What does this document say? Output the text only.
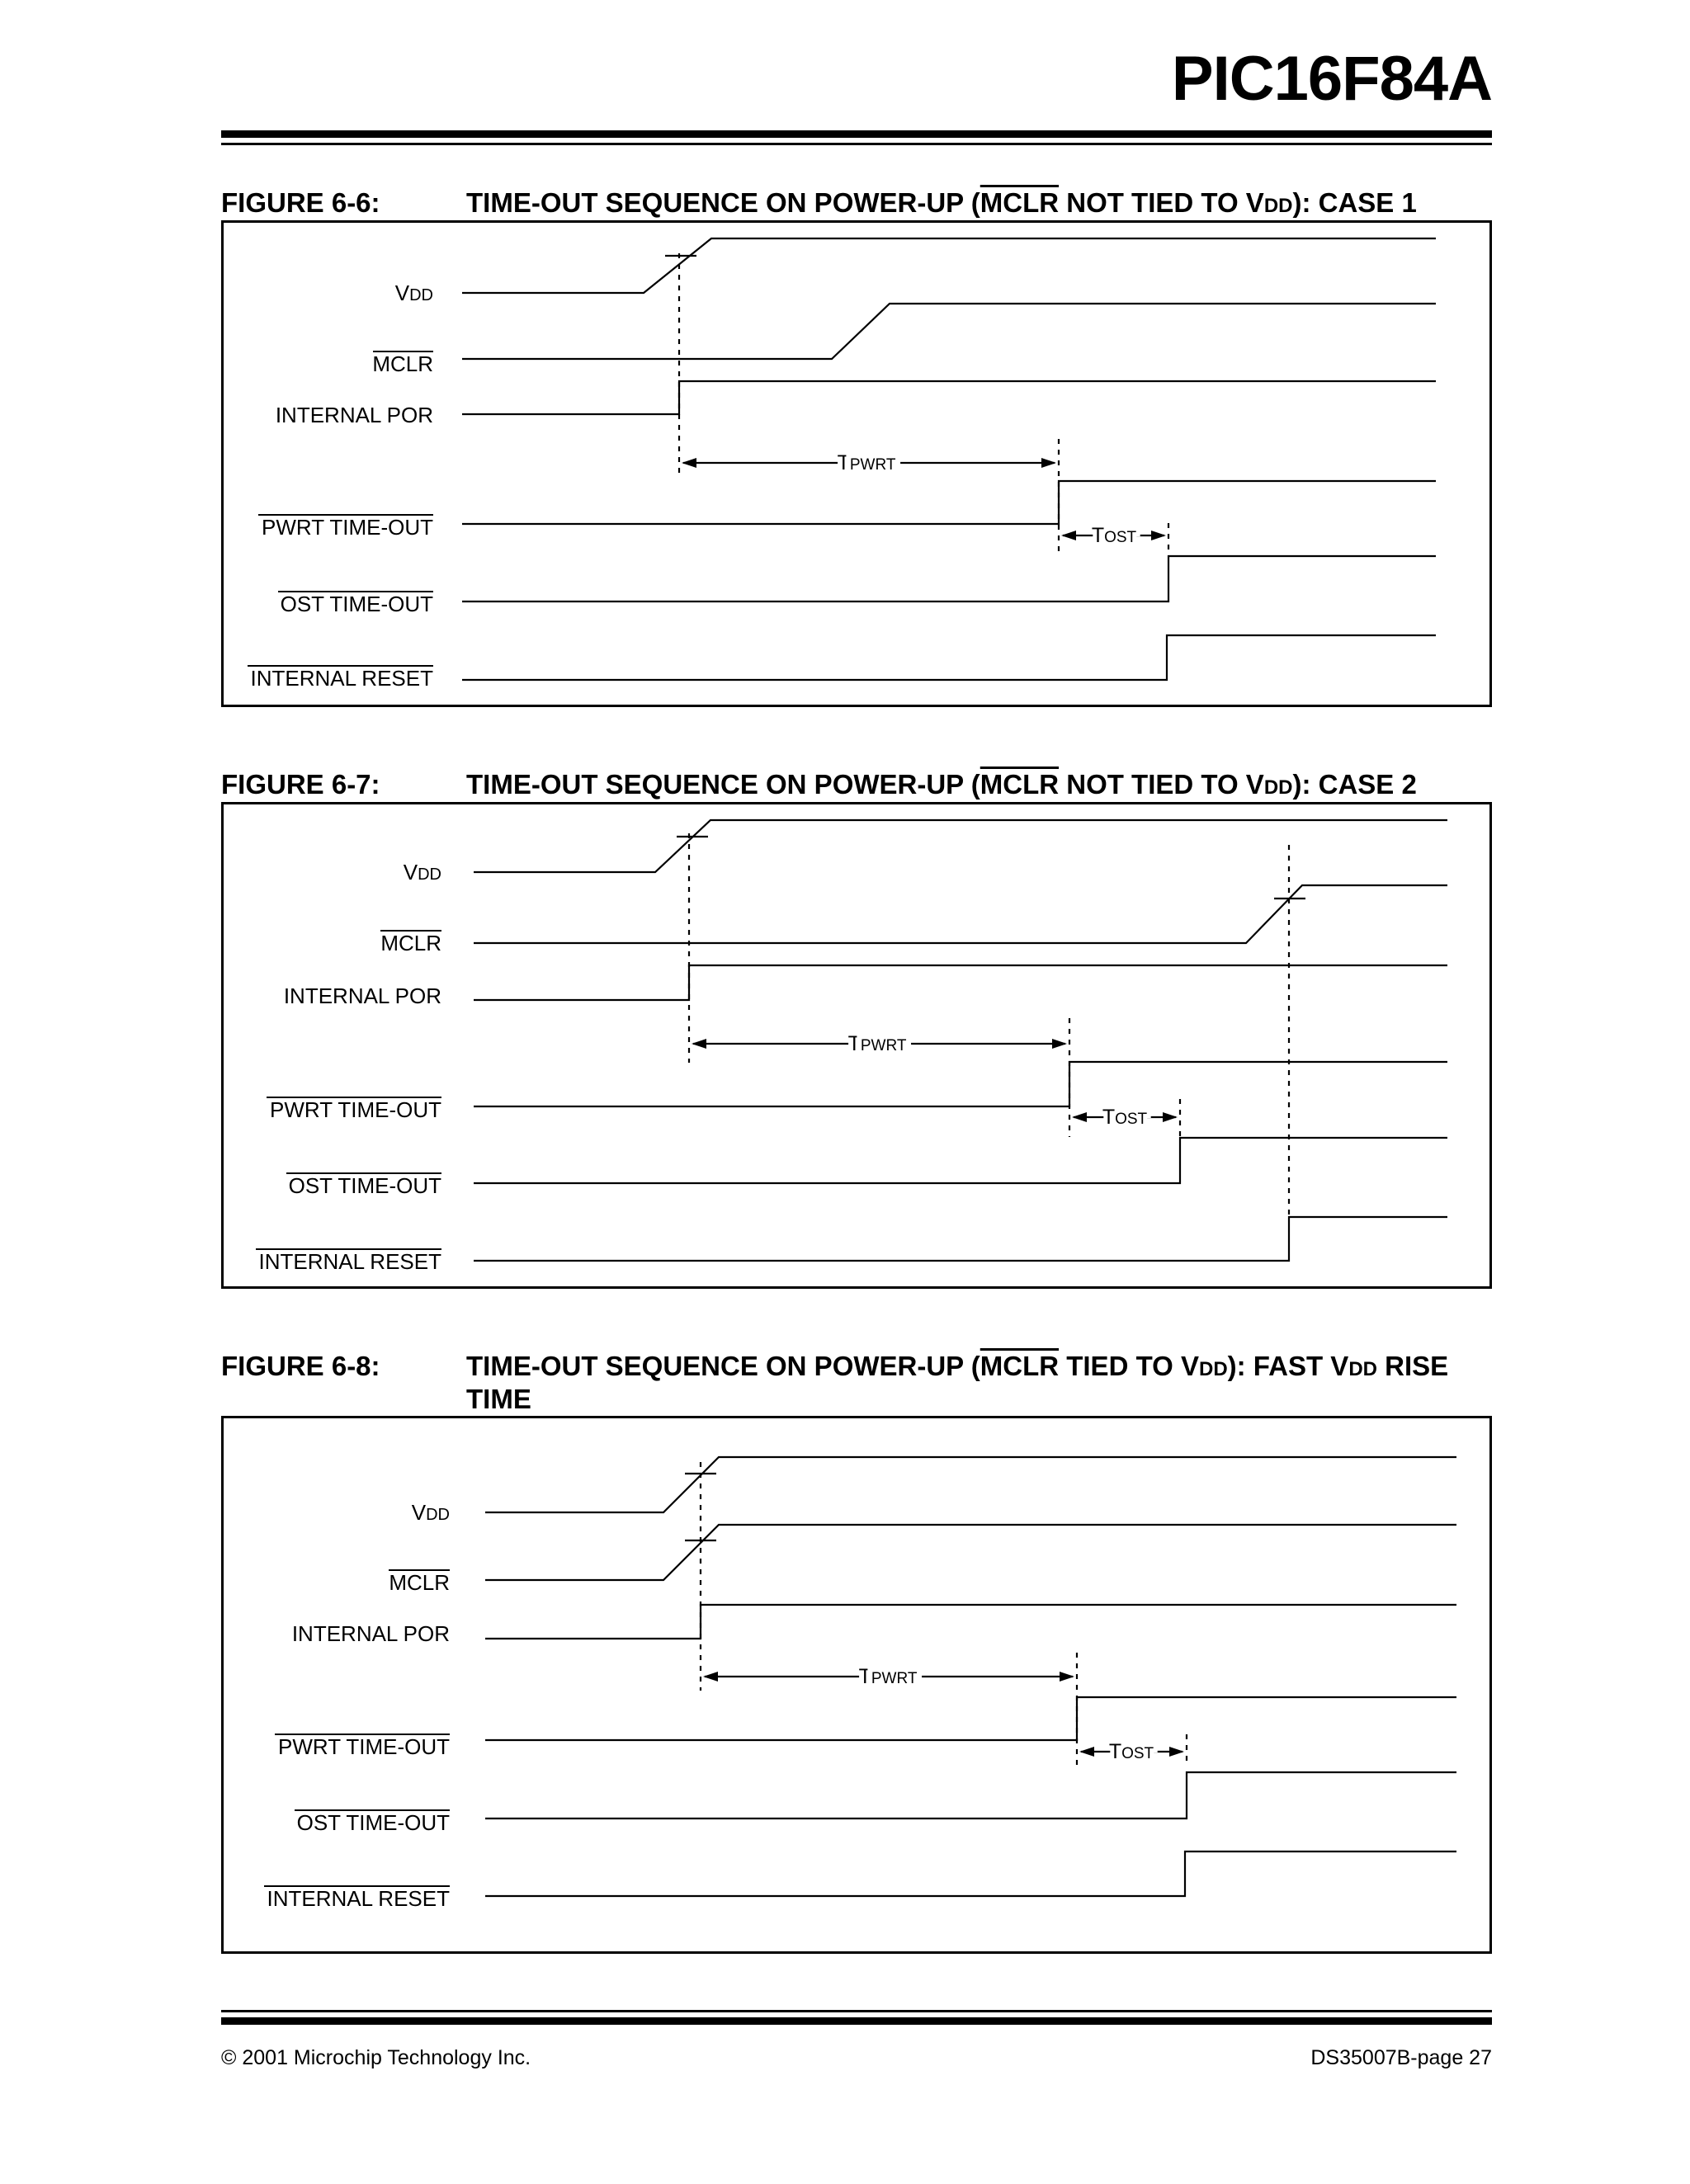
PIC16F84A

FIGURE 6-6:	TIME-OUT SEQUENCE ON POWER-UP (MCLR NOT TIED TO VDD): CASE 1

TPWRT
TOST
VDD
MCLR
INTERNAL POR
PWRT TIME-OUT
OST TIME-OUT
INTERNAL RESET

FIGURE 6-7:	TIME-OUT SEQUENCE ON POWER-UP (MCLR NOT TIED TO VDD): CASE 2

TPWRT
TOST
VDD
MCLR
INTERNAL POR
PWRT TIME-OUT
OST TIME-OUT
INTERNAL RESET

FIGURE 6-8:	TIME-OUT SEQUENCE ON POWER-UP (MCLR TIED TO VDD): FAST VDD RISE TIME

TPWRT
TOST
VDD
MCLR
INTERNAL POR
PWRT TIME-OUT
OST TIME-OUT
INTERNAL RESET

© 2001 Microchip Technology Inc.	DS35007B-page 27
